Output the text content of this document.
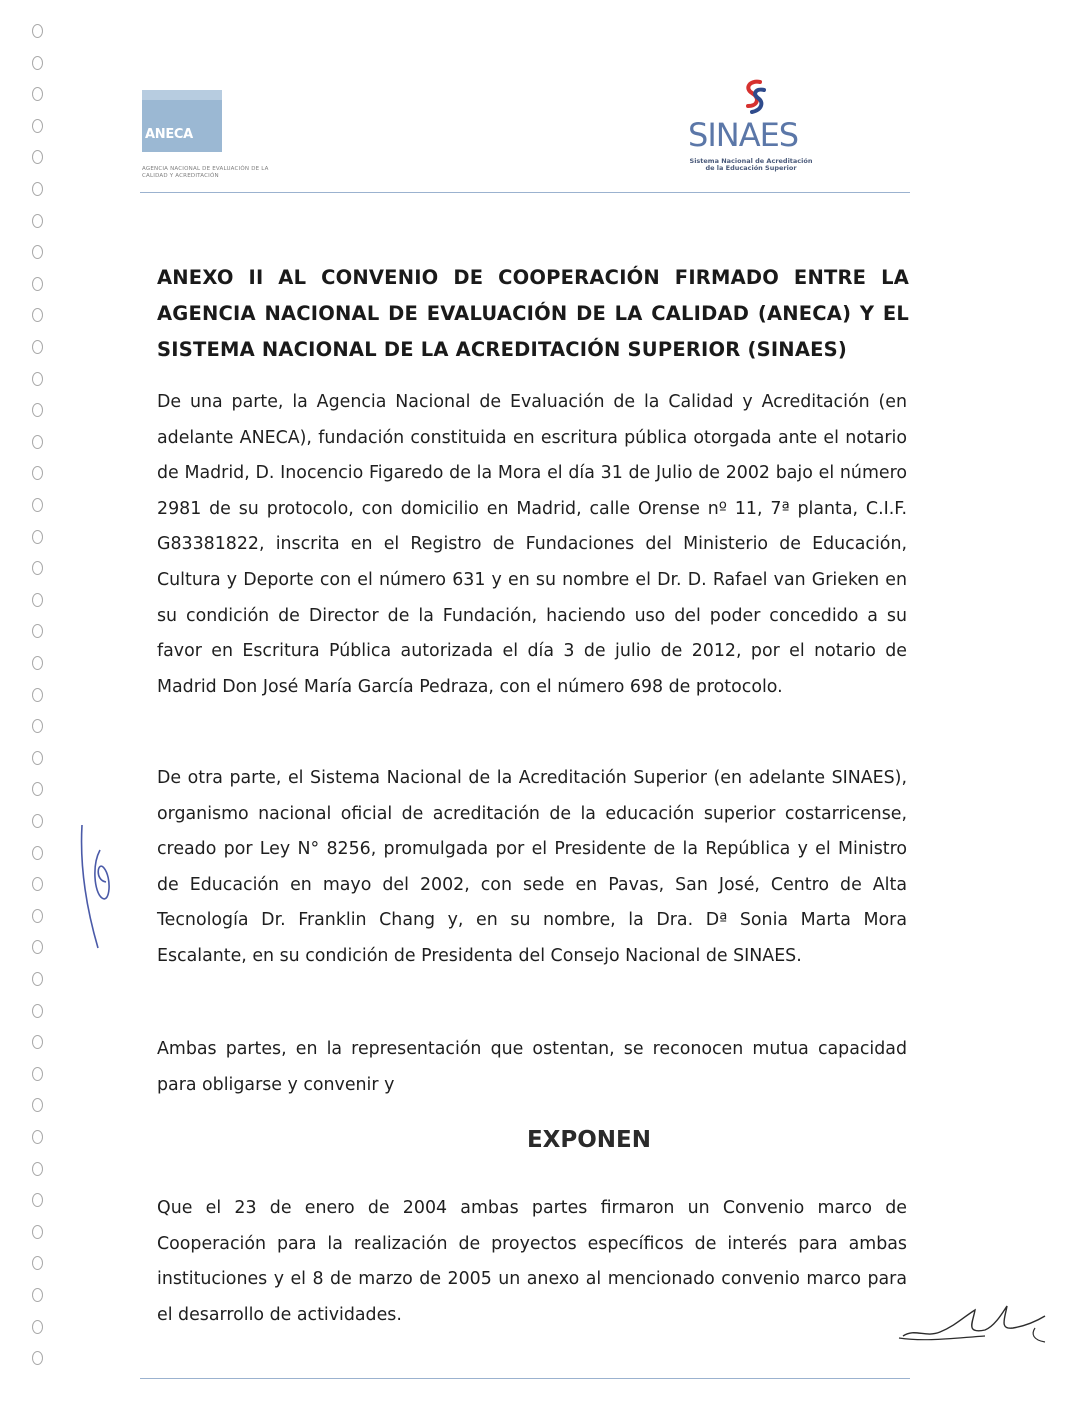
ANECA
AGENCIA NACIONAL DE EVALUACIÓN DE LA CALIDAD Y ACREDITACIÓN
SINAES
Sistema Nacional de Acreditación de la Educación Superior
ANEXO II AL CONVENIO DE COOPERACIÓN FIRMADO ENTRE LA
AGENCIA NACIONAL DE EVALUACIÓN DE LA CALIDAD (ANECA) Y EL
SISTEMA NACIONAL DE LA ACREDITACIÓN SUPERIOR (SINAES)
De una parte, la Agencia Nacional de Evaluación de la Calidad y Acreditación (en adelante ANECA), fundación constituida en escritura pública otorgada ante el notario de Madrid, D. Inocencio Figaredo de la Mora el día 31 de Julio de 2002 bajo el número 2981 de su protocolo, con domicilio en Madrid, calle Orense nº 11, 7ª planta, C.I.F. G83381822, inscrita en el Registro de Fundaciones del Ministerio de Educación, Cultura y Deporte con el número 631 y en su nombre el Dr. D. Rafael van Grieken en su condición de Director de la Fundación, haciendo uso del poder concedido a su favor en Escritura Pública autorizada el día 3 de julio de 2012, por el notario de Madrid Don José María García Pedraza, con el número 698 de protocolo.
De otra parte, el Sistema Nacional de la Acreditación Superior (en adelante SINAES), organismo nacional oficial de acreditación de la educación superior costarricense, creado por Ley N° 8256, promulgada por el Presidente de la República y el Ministro de Educación en mayo del 2002, con sede en Pavas, San José, Centro de Alta Tecnología Dr. Franklin Chang y, en su nombre, la Dra. Dª Sonia Marta Mora Escalante, en su condición de Presidenta del Consejo Nacional de SINAES.
Ambas partes, en la representación que ostentan, se reconocen mutua capacidad para obligarse y convenir y
EXPONEN
Que el 23 de enero de 2004 ambas partes firmaron un Convenio marco de Cooperación para la realización de proyectos específicos de interés para ambas instituciones y el 8 de marzo de 2005 un anexo al mencionado convenio marco para el desarrollo de actividades.
